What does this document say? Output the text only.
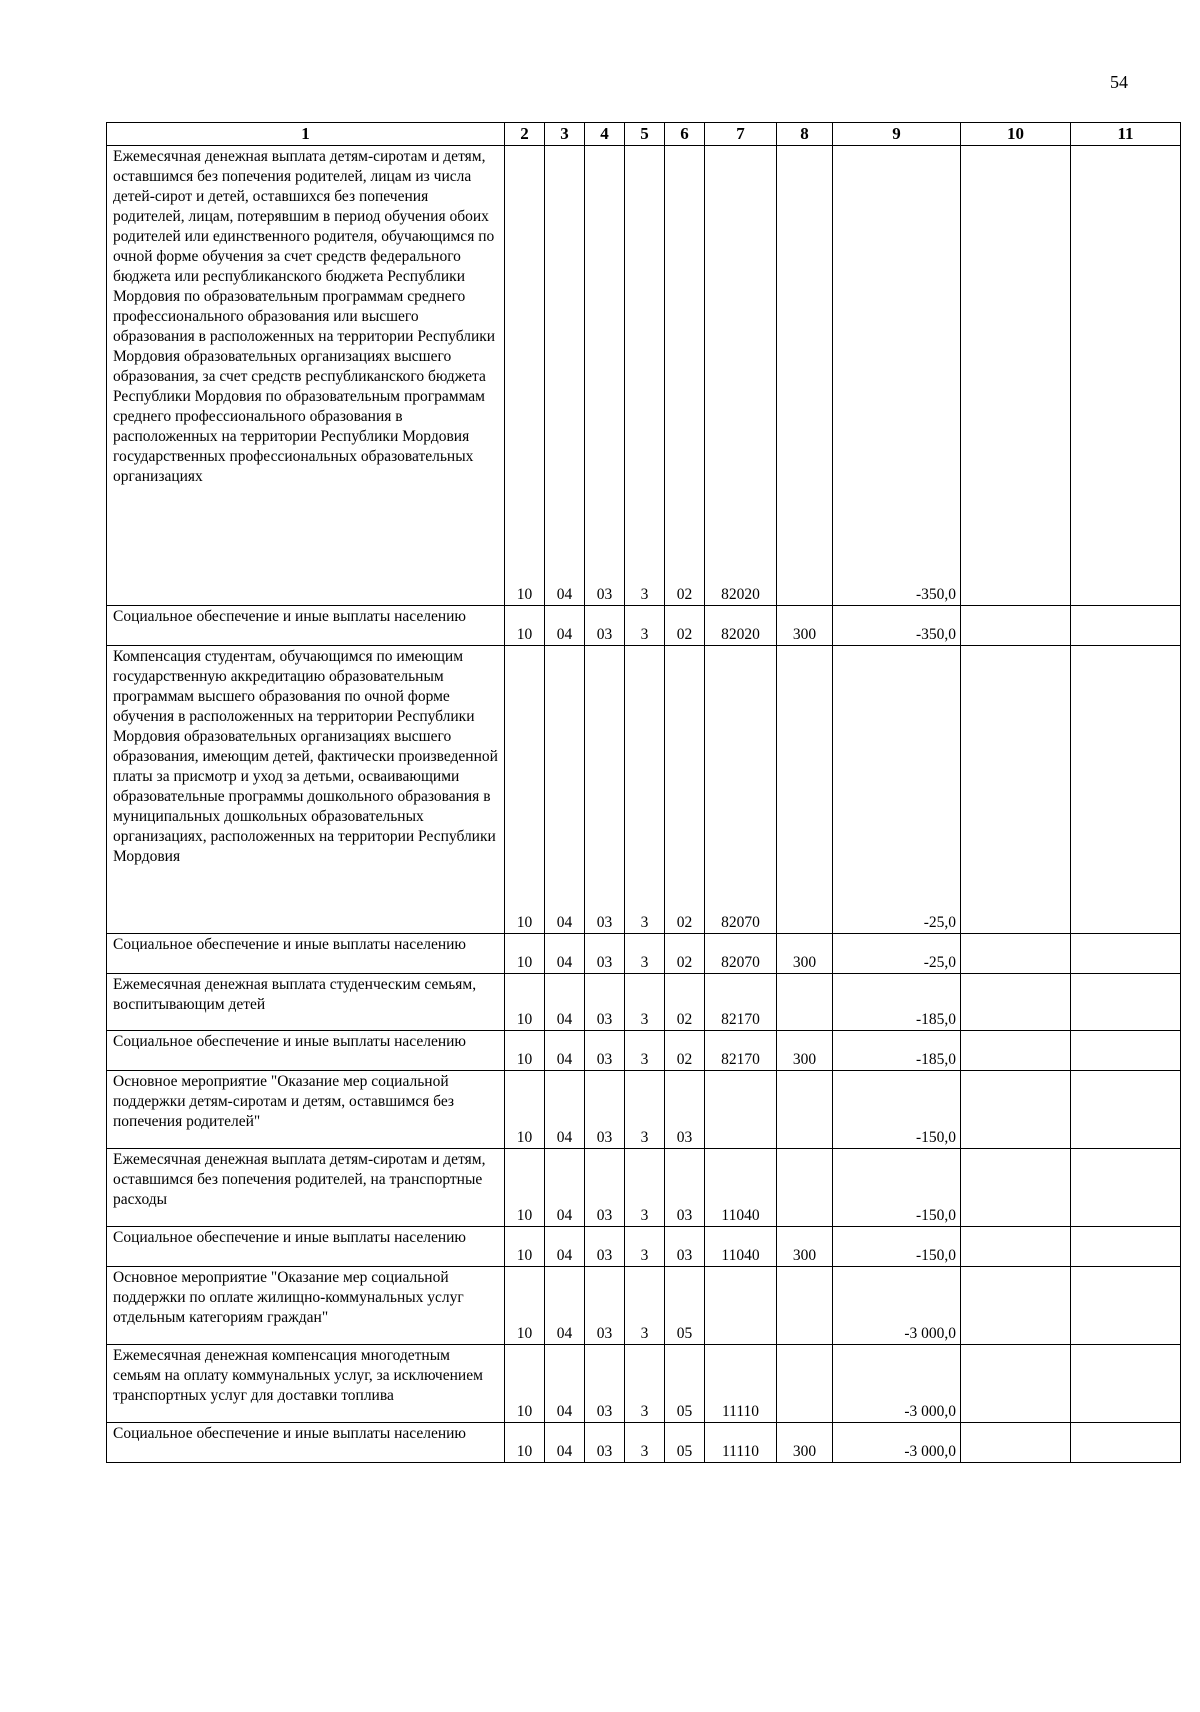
54
1	2	3	4	5	6	7	8	9	10	11
Ежемесячная денежная выплата детям-сиротам и детям, оставшимся без попечения родителей, лицам из числа детей-сирот и детей, оставшихся без попечения родителей, лицам, потерявшим в период обучения обоих родителей или единственного родителя, обучающимся по очной форме обучения за счет средств федерального бюджета или республиканского бюджета Республики Мордовия по образовательным программам среднего профессионального образования или высшего образования в расположенных на территории Республики Мордовия образовательных организациях высшего образования, за счет средств республиканского бюджета Республики Мордовия по образовательным программам среднего профессионального образования в расположенных на территории Республики Мордовия государственных профессиональных образовательных организациях	10	04	03	3	02	82020		-350,0		
Социальное обеспечение и иные выплаты населению	10	04	03	3	02	82020	300	-350,0		
Компенсация студентам, обучающимся по имеющим государственную аккредитацию образовательным программам высшего образования по очной форме обучения в расположенных на территории Республики Мордовия образовательных организациях высшего образования, имеющим детей, фактически произведенной платы за присмотр и уход за детьми, осваивающими образовательные программы дошкольного образования в муниципальных дошкольных образовательных организациях, расположенных на территории Республики Мордовия	10	04	03	3	02	82070		-25,0		
Социальное обеспечение и иные выплаты населению	10	04	03	3	02	82070	300	-25,0		
Ежемесячная денежная выплата студенческим семьям, воспитывающим детей	10	04	03	3	02	82170		-185,0		
Социальное обеспечение и иные выплаты населению	10	04	03	3	02	82170	300	-185,0		
Основное мероприятие "Оказание мер социальной поддержки детям-сиротам и детям, оставшимся без попечения родителей"	10	04	03	3	03			-150,0		
Ежемесячная денежная выплата детям-сиротам и детям, оставшимся без попечения родителей, на транспортные расходы	10	04	03	3	03	11040		-150,0		
Социальное обеспечение и иные выплаты населению	10	04	03	3	03	11040	300	-150,0		
Основное мероприятие "Оказание мер социальной поддержки по оплате жилищно-коммунальных услуг отдельным категориям граждан"	10	04	03	3	05			-3 000,0		
Ежемесячная денежная компенсация многодетным семьям на оплату коммунальных услуг, за исключением транспортных услуг для доставки топлива	10	04	03	3	05	11110		-3 000,0		
Социальное обеспечение и иные выплаты населению	10	04	03	3	05	11110	300	-3 000,0		
